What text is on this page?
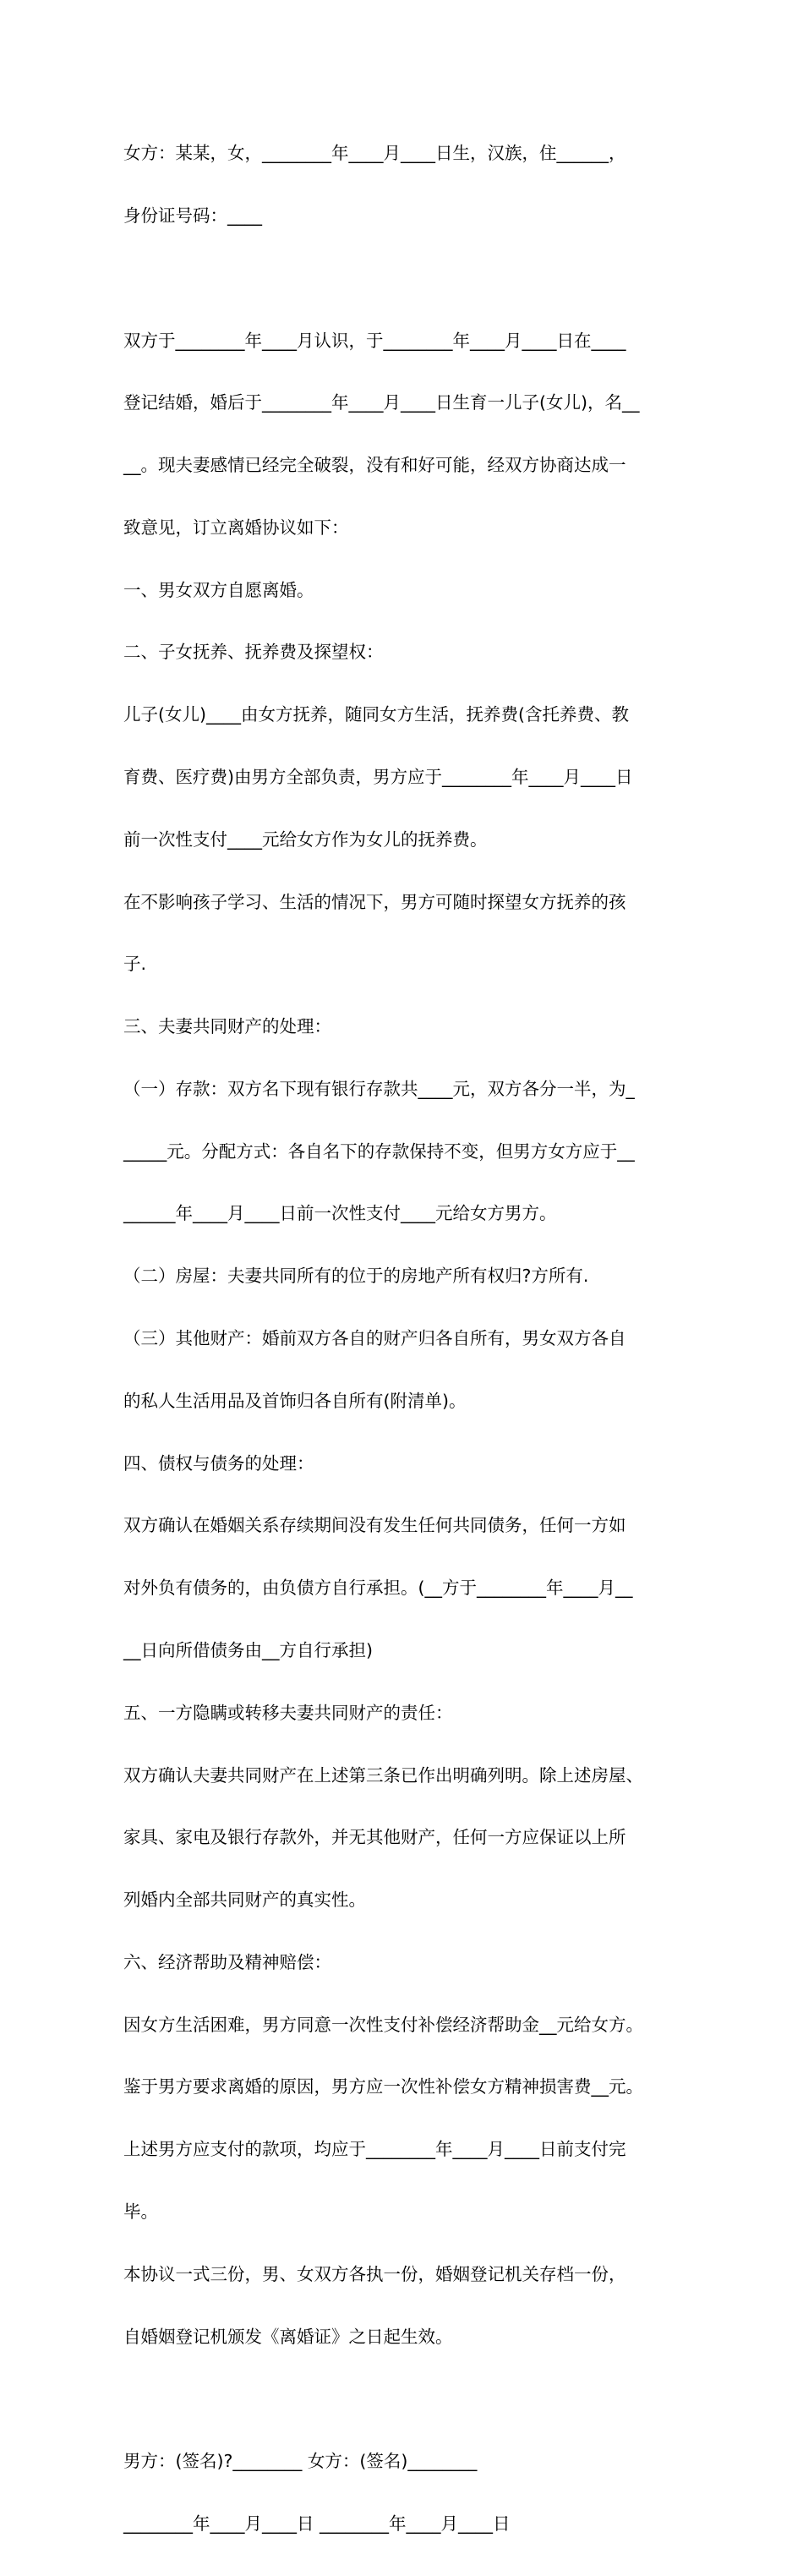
女方：某某，女，________年____月____日生，汉族，住______，

身份证号码：____

双方于________年____月认识，于________年____月____日在____

登记结婚，婚后于________年____月____日生育一儿子(女儿)，名__

__。现夫妻感情已经完全破裂，没有和好可能，经双方协商达成一

致意见，订立离婚协议如下：

一、男女双方自愿离婚。

二、子女抚养、抚养费及探望权：

儿子(女儿)____由女方抚养，随同女方生活，抚养费(含托养费、教

育费、医疗费)由男方全部负责，男方应于________年____月____日

前一次性支付____元给女方作为女儿的抚养费。

在不影响孩子学习、生活的情况下，男方可随时探望女方抚养的孩

子.

三、夫妻共同财产的处理：

（一）存款：双方名下现有银行存款共____元，双方各分一半，为_

_____元。分配方式：各自名下的存款保持不变，但男方女方应于__

______年____月____日前一次性支付____元给女方男方。

（二）房屋：夫妻共同所有的位于的房地产所有权归?方所有.

（三）其他财产：婚前双方各自的财产归各自所有，男女双方各自

的私人生活用品及首饰归各自所有(附清单)。

四、债权与债务的处理：

双方确认在婚姻关系存续期间没有发生任何共同债务，任何一方如

对外负有债务的，由负债方自行承担。(__方于________年____月__

__日向所借债务由__方自行承担)

五、一方隐瞒或转移夫妻共同财产的责任：

双方确认夫妻共同财产在上述第三条已作出明确列明。除上述房屋、

家具、家电及银行存款外，并无其他财产，任何一方应保证以上所

列婚内全部共同财产的真实性。

六、经济帮助及精神赔偿：

因女方生活困难，男方同意一次性支付补偿经济帮助金__元给女方。

鉴于男方要求离婚的原因，男方应一次性补偿女方精神损害费__元。

上述男方应支付的款项，均应于________年____月____日前支付完

毕。

本协议一式三份，男、女双方各执一份，婚姻登记机关存档一份，

自婚姻登记机颁发《离婚证》之日起生效。

男方：(签名)?________ 女方：(签名)________

________年____月____日 ________年____月____日
